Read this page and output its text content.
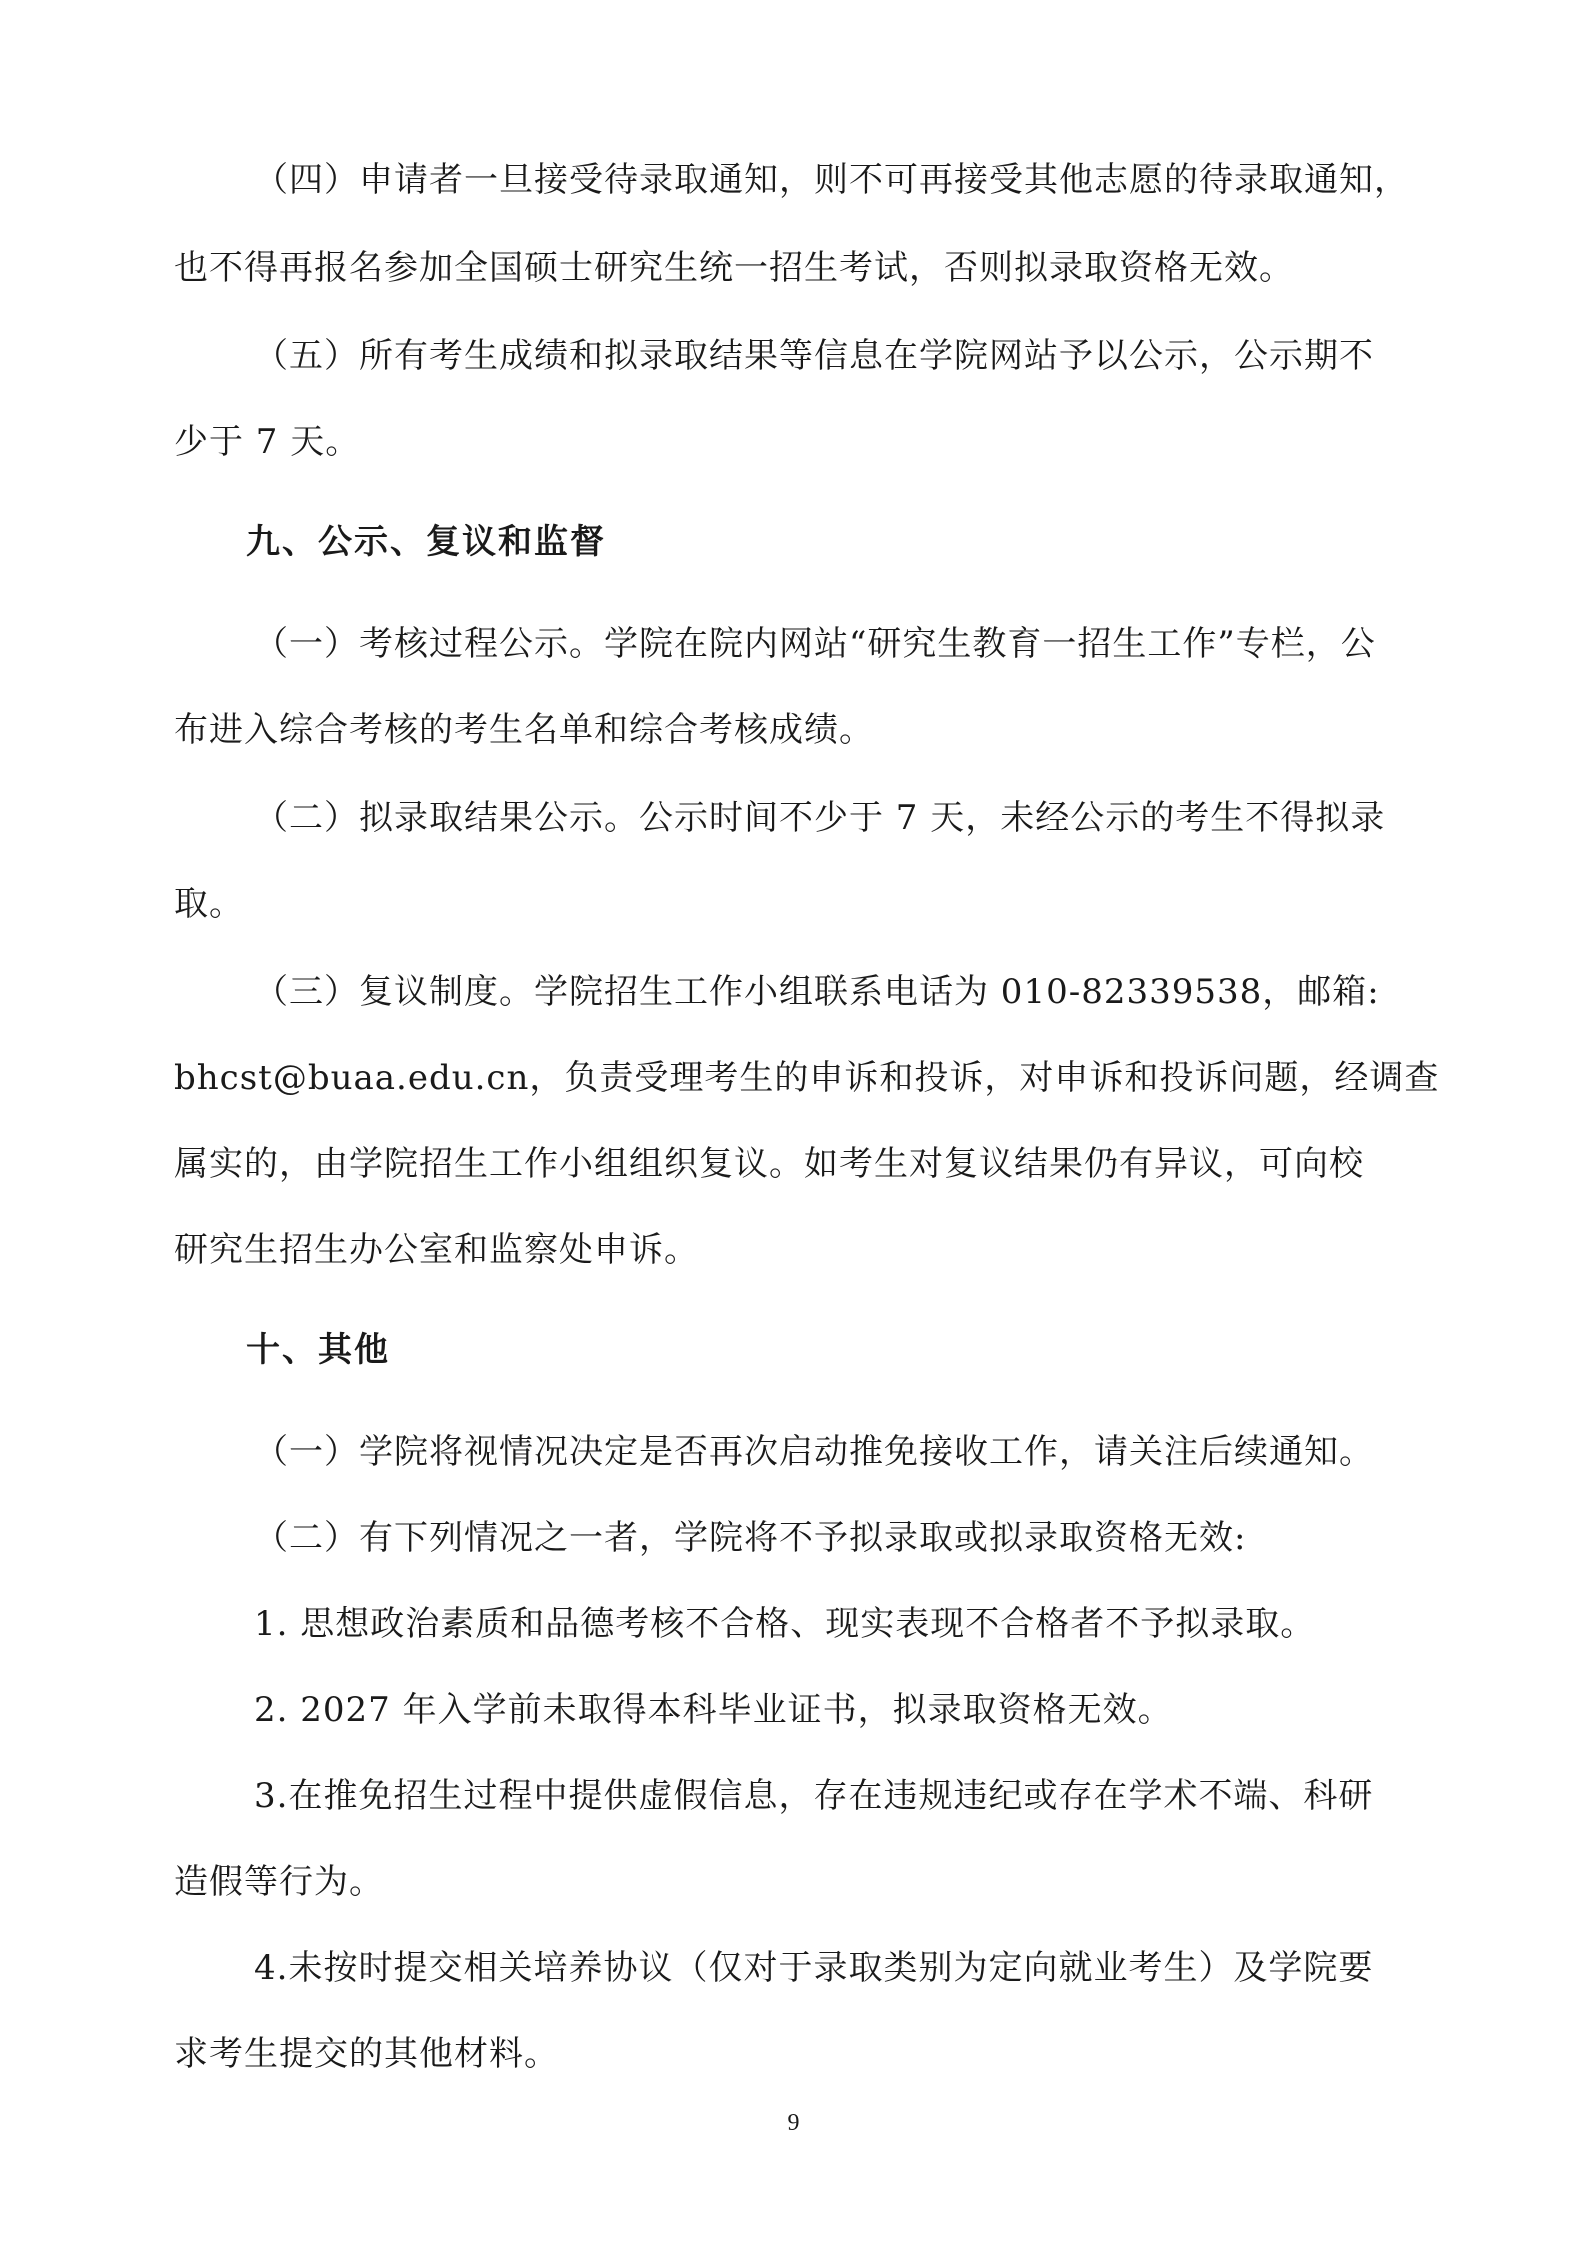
（四）申请者一旦接受待录取通知，则不可再接受其他志愿的待录取通知，
也不得再报名参加全国硕士研究生统一招生考试，否则拟录取资格无效。
（五）所有考生成绩和拟录取结果等信息在学院网站予以公示，公示期不
少于 7 天。
九、公示、复议和监督
（一）考核过程公示。学院在院内网站“研究生教育一招生工作”专栏，公
布进入综合考核的考生名单和综合考核成绩。
（二）拟录取结果公示。公示时间不少于 7 天，未经公示的考生不得拟录
取。
（三）复议制度。学院招生工作小组联系电话为 010-82339538，邮箱:
bhcst@buaa.edu.cn，负责受理考生的申诉和投诉，对申诉和投诉问题，经调查
属实的，由学院招生工作小组组织复议。如考生对复议结果仍有异议，可向校
研究生招生办公室和监察处申诉。
十、其他
（一）学院将视情况决定是否再次启动推免接收工作，请关注后续通知。
（二）有下列情况之一者，学院将不予拟录取或拟录取资格无效:
1. 思想政治素质和品德考核不合格、现实表现不合格者不予拟录取。
2. 2027 年入学前未取得本科毕业证书，拟录取资格无效。
3.在推免招生过程中提供虚假信息，存在违规违纪或存在学术不端、科研
造假等行为。
4.未按时提交相关培养协议（仅对于录取类别为定向就业考生）及学院要
求考生提交的其他材料。
9
